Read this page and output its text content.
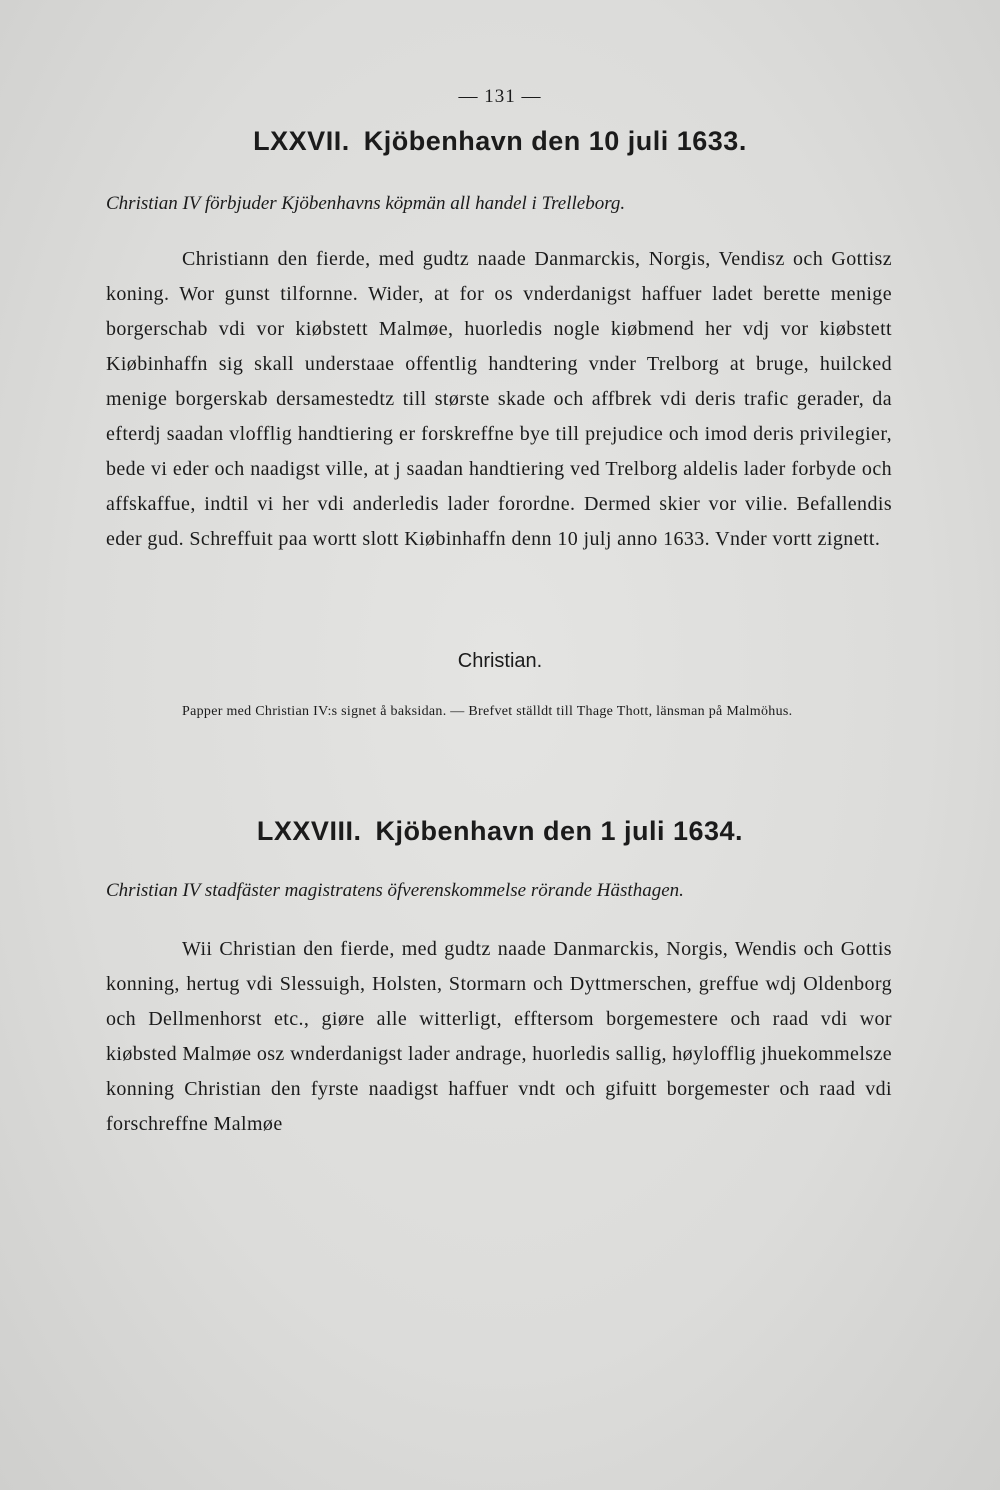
— 131 —
LXXVII. Kjöbenhavn den 10 juli 1633.
Christian IV förbjuder Kjöbenhavns köpmän all handel i Trelleborg.
Christiann den fierde, med gudtz naade Danmarckis, Norgis, Vendisz och Gottisz koning. Wor gunst tilfornne. Wider, at for os vnderdanigst haffuer ladet berette menige borgerschab vdi vor kiøbstett Malmøe, huorledis nogle kiøbmend her vdj vor kiøbstett Kiøbinhaffn sig skall understaae offentlig handtering vnder Trelborg at bruge, huilcked menige borgerskab dersamestedtz till største skade och affbrek vdi deris trafic gerader, da efterdj saadan vlofflig handtiering er forskreffne bye till prejudice och imod deris privilegier, bede vi eder och naadigst ville, at j saadan handtiering ved Trelborg aldelis lader forbyde och affskaffue, indtil vi her vdi anderledis lader forordne. Dermed skier vor vilie. Befallendis eder gud. Schreffuit paa wortt slott Kiøbinhaffn denn 10 julj anno 1633. Vnder vortt zignett.
Christian.
Papper med Christian IV:s signet å baksidan. — Brefvet ställdt till Thage Thott, länsman på Malmöhus.
LXXVIII. Kjöbenhavn den 1 juli 1634.
Christian IV stadfäster magistratens öfverenskommelse rörande Hästhagen.
Wii Christian den fierde, med gudtz naade Danmarckis, Norgis, Wendis och Gottis konning, hertug vdi Slessuigh, Holsten, Stormarn och Dyttmerschen, greffue wdj Oldenborg och Dellmenhorst etc., giøre alle witterligt, efftersom borgemestere och raad vdi wor kiøbsted Malmøe osz wnderdanigst lader andrage, huorledis sallig, høylofflig jhuekommelsze konning Christian den fyrste naadigst haffuer vndt och gifuitt borgemester och raad vdi forschreffne Malmøe
